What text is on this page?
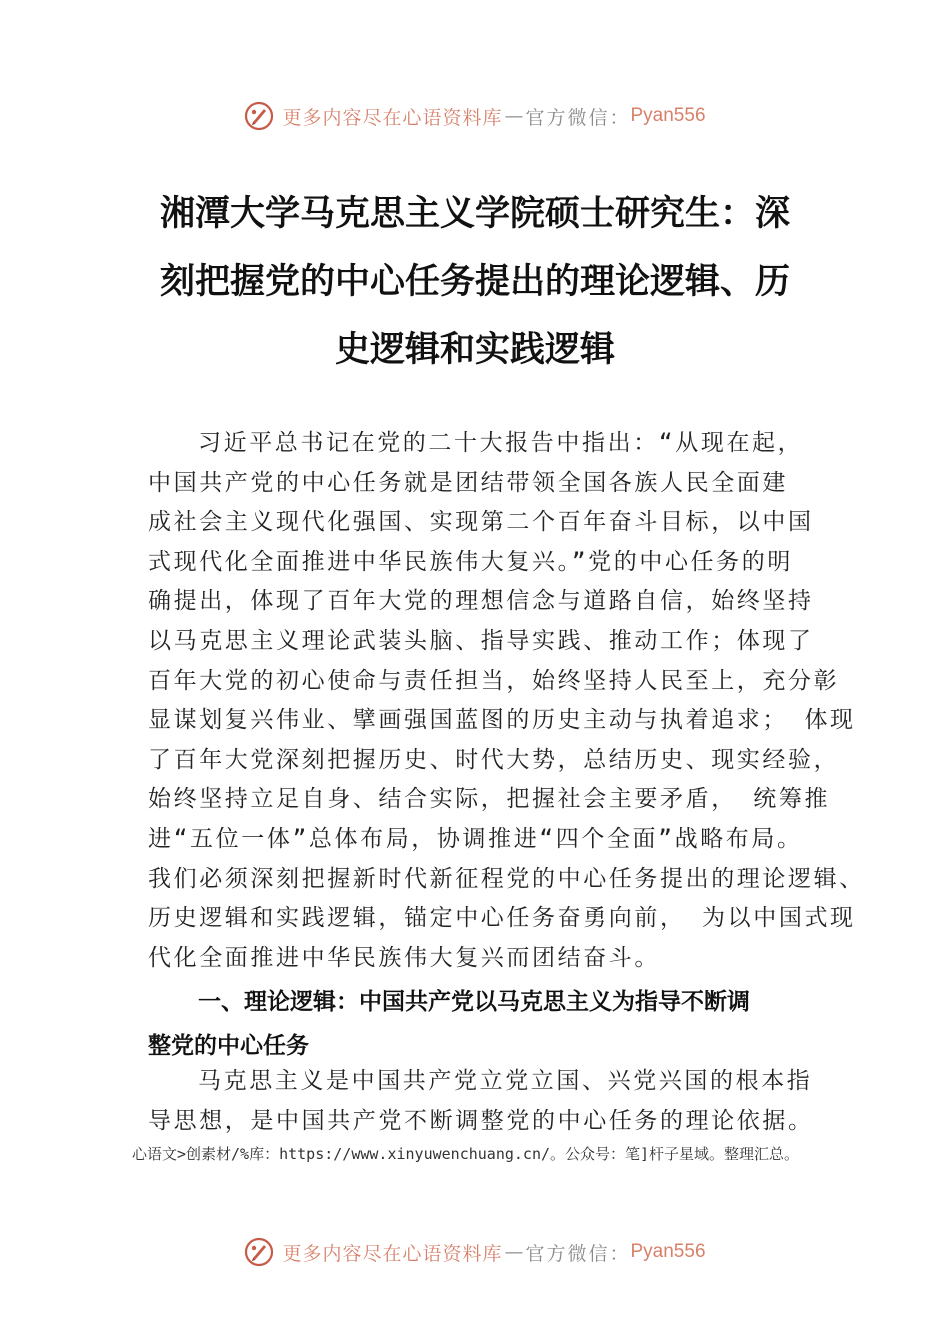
更多内容尽在心语资料库 — 官方微信： Pyan556
湘潭大学马克思主义学院硕士研究生：深
刻把握党的中心任务提出的理论逻辑、历
史逻辑和实践逻辑
习近平总书记在党的二十大报告中指出：“从现在起，
中国共产党的中心任务就是团结带领全国各族人民全面建
成社会主义现代化强国、实现第二个百年奋斗目标，以中国
式现代化全面推进中华民族伟大复兴。”党的中心任务的明
确提出，体现了百年大党的理想信念与道路自信，始终坚持
以马克思主义理论武装头脑、指导实践、推动工作；体现了
百年大党的初心使命与责任担当，始终坚持人民至上，充分彰
显谋划复兴伟业、擘画强国蓝图的历史主动与执着追求； 体现
了百年大党深刻把握历史、时代大势，总结历史、现实经验，
始终坚持立足自身、结合实际，把握社会主要矛盾， 统筹推
进“五位一体”总体布局，协调推进“四个全面”战略布局。
我们必须深刻把握新时代新征程党的中心任务提出的理论逻辑、
历史逻辑和实践逻辑，锚定中心任务奋勇向前， 为以中国式现
代化全面推进中华民族伟大复兴而团结奋斗。
一、理论逻辑：中国共产党以马克思主义为指导不断调
整党的中心任务
马克思主义是中国共产党立党立国、兴党兴国的根本指
导思想，是中国共产党不断调整党的中心任务的理论依据。
心语文>创素材/%库：https://www.xinyuwenchuang.cn/。公众号：笔]杆子星域。整理汇总。
更多内容尽在心语资料库 — 官方微信： Pyan556
